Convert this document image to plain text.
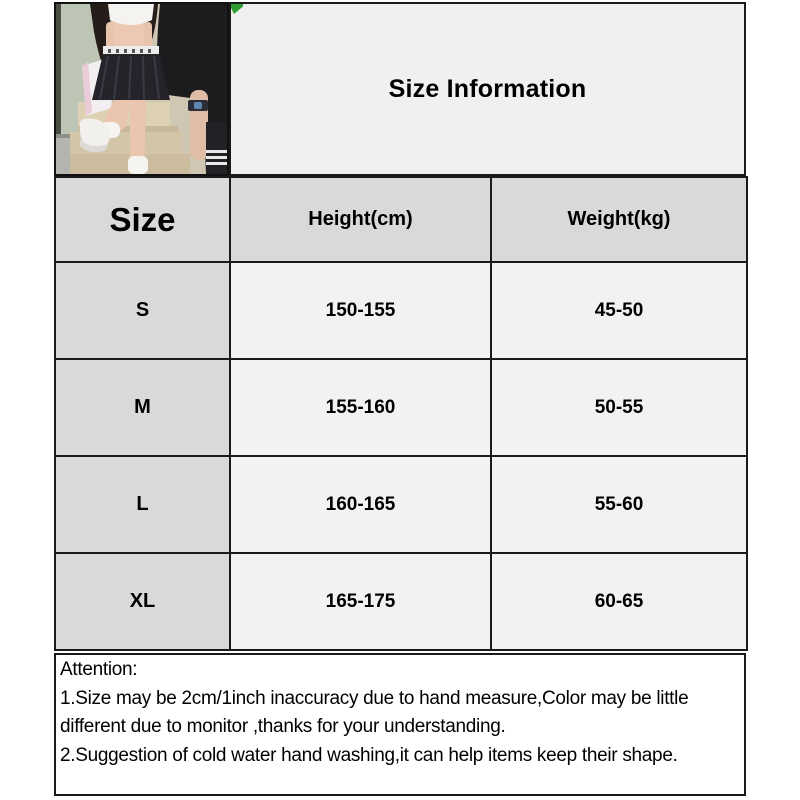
Size Information
Size	Height(cm)	Weight(kg)
S	150-155	45-50
M	155-160	50-55
L	160-165	55-60
XL	165-175	60-65
Attention:
1.Size may be 2cm/1inch inaccuracy due to hand measure,Color may be little different due to monitor ,thanks for your understanding.
2.Suggestion of cold water hand washing,it can help items keep their shape.
